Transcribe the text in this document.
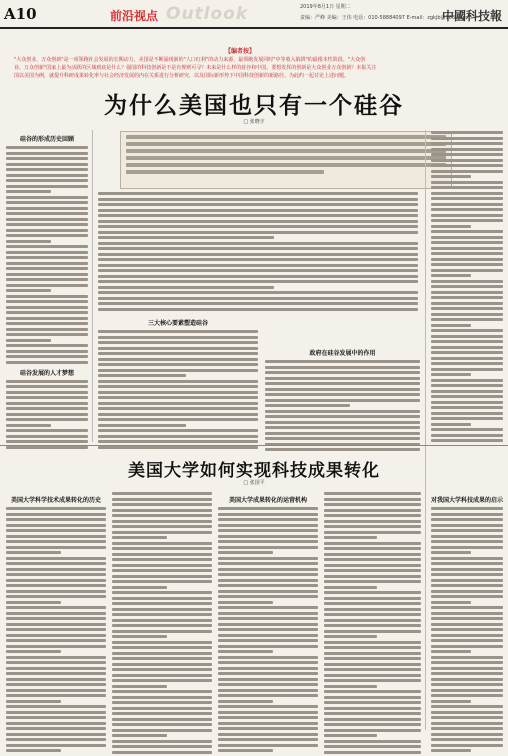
A10	Outlook
前沿视点
2019年8月1日 星期二
责编：严峰 美编：王伟 电话：010-58884097 E-mail：zgkjb@163.com
中國科技報
【编者按】
"大众创业、万众创新"是一项领跑社会发展的长期动力，美国是不断涌现新的"人口红利"的动力来源，最领跑发展同时"中等收入陷阱"的最根本性阶段。"大众创
业、万众创新"国家上最为活跃的区域到底是什么？强国的科技创新是不是有规则可寻？未来是什么样的硅谷和中国，要想发挥的创新是大众创业万众创新？本报关注
国以美国为例，就提升科研成果转化率与社会经济发展的内在关系进行分析研究，以及国际新形势下中国科技创新的新路径。为此约一起讨论上述问题。
为什么美国也只有一个硅谷
□ 张晓宇
硅谷的形成历史回顾
硅谷发展的人才梦想
三大核心要素塑造硅谷
政府在硅谷发展中的作用
美国大学如何实现科技成果转化
□ 张国平
美国大学科学技术成果转化的历史	美国大学成果转化的运营机构	对我国大学科技成果的启示
